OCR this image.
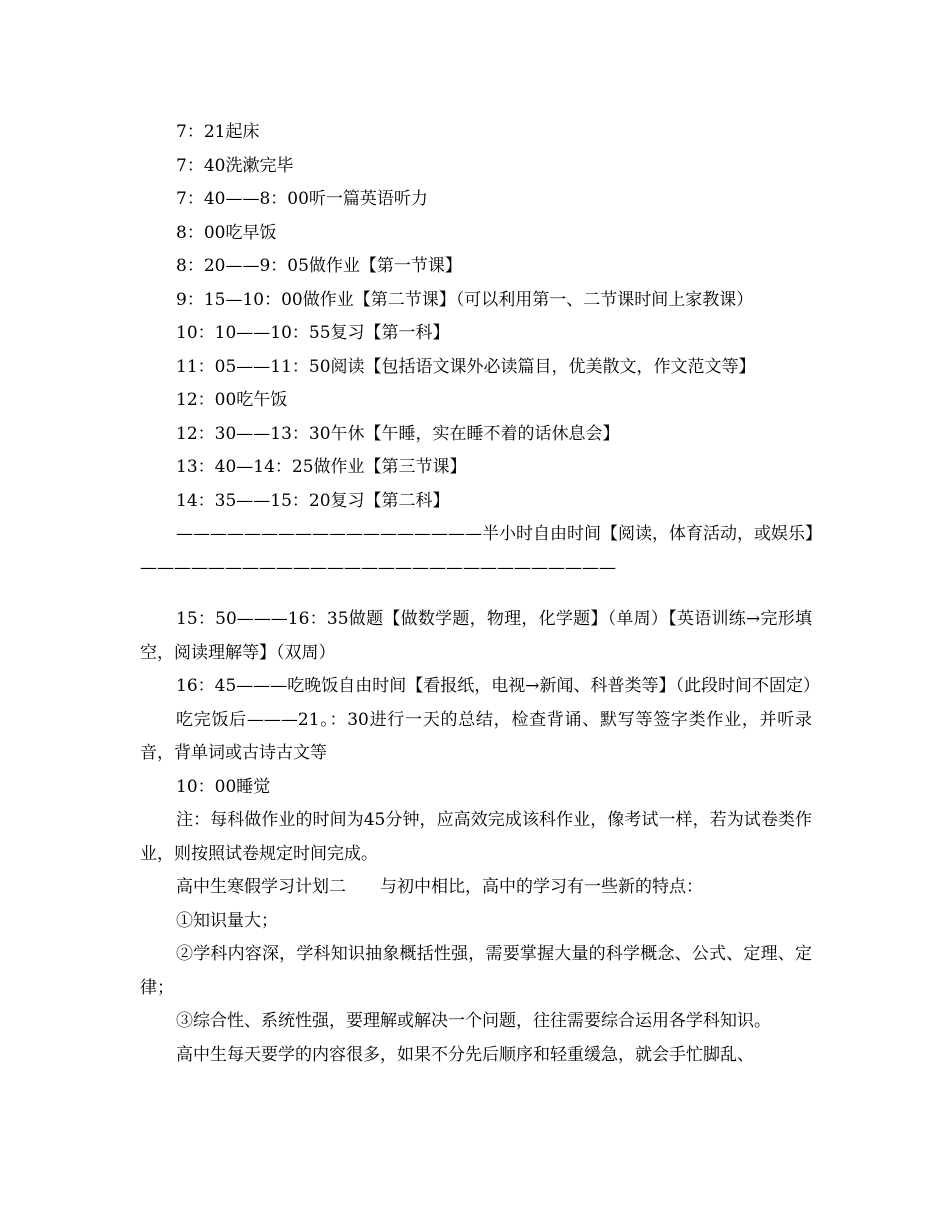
7：21起床
7：40洗漱完毕
7：40——8：00听一篇英语听力
8：00吃早饭
8：20——9：05做作业【第一节课】
9：15—10：00做作业【第二节课】（可以利用第一、二节课时间上家教课）
10：10——10：55复习【第一科】
11：05——11：50阅读【包括语文课外必读篇目，优美散文，作文范文等】
12：00吃午饭
12：30——13：30午休【午睡，实在睡不着的话休息会】
13：40—14：25做作业【第三节课】
14：35——15：20复习【第二科】
——————————————————半小时自由时间【阅读，体育活动，或娱乐】
————————————————————————————
15：50———16：35做题【做数学题，物理，化学题】（单周）【英语训练→完形填空，阅读理解等】（双周）
16：45———吃晚饭自由时间【看报纸，电视→新闻、科普类等】（此段时间不固定）
吃完饭后———21。：30进行一天的总结，检查背诵、默写等签字类作业，并听录音，背单词或古诗古文等
10：00睡觉
注：每科做作业的时间为45分钟，应高效完成该科作业，像考试一样，若为试卷类作业，则按照试卷规定时间完成。
高中生寒假学习计划二　　与初中相比，高中的学习有一些新的特点：
①知识量大；
②学科内容深，学科知识抽象概括性强，需要掌握大量的科学概念、公式、定理、定律；
③综合性、系统性强，要理解或解决一个问题，往往需要综合运用各学科知识。
高中生每天要学的内容很多，如果不分先后顺序和轻重缓急，就会手忙脚乱、
